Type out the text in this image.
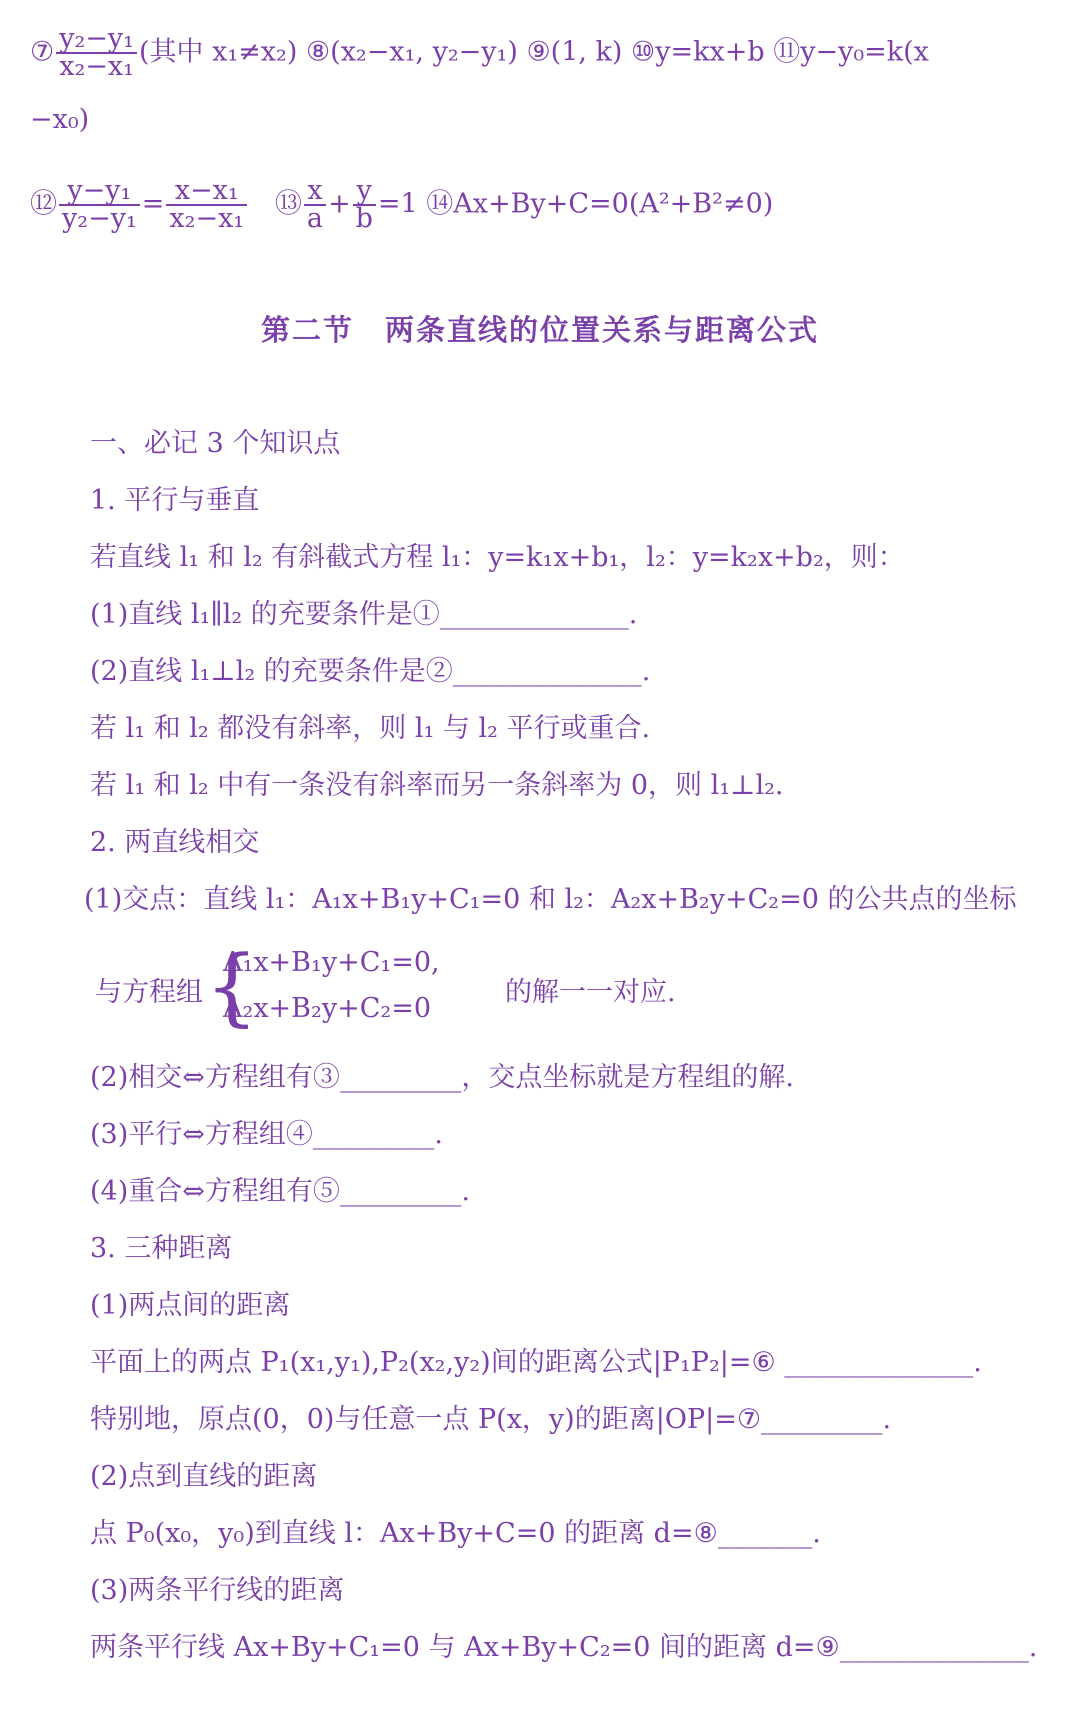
⑦ $\frac{\text{y₂−y₁}}{\text{x₂−x₁}}$ (其中 x₁≠x₂) ⑧(x₂−x₁, y₂−y₁) ⑨(1, k) ⑩y=kx+b ⑪y−y₀=k(x
−x₀)
⑫ $\frac{\text{y−y₁}}{\text{y₂−y₁}} = \frac{\text{x−x₁}}{\text{x₂−x₁}}$ ⑬ $\frac{x}{a} + \frac{y}{b} =1$ ⑭Ax+By+C=0(A²+B²≠0)
第二节　两条直线的位置关系与距离公式
一、必记 3 个知识点
1. 平行与垂直
若直线 l₁ 和 l₂ 有斜截式方程 l₁：y=k₁x+b₁，l₂：y=k₂x+b₂，则：
(1)直线 l₁∥l₂ 的充要条件是①______________.
(2)直线 l₁⊥l₂ 的充要条件是②______________.
若 l₁ 和 l₂ 都没有斜率，则 l₁ 与 l₂ 平行或重合.
若 l₁ 和 l₂ 中有一条没有斜率而另一条斜率为 0，则 l₁⊥l₂.
2. 两直线相交
(1)交点：直线 l₁：A₁x+B₁y+C₁=0 和 l₂：A₂x+B₂y+C₂=0 的公共点的坐标
与方程组 {
A₁x+B₁y+C₁=0,
A₂x+B₂y+C₂=0
的解一一对应.
(2)相交⇔方程组有③_________，交点坐标就是方程组的解.
(3)平行⇔方程组④_________.
(4)重合⇔方程组有⑤_________.
3. 三种距离
(1)两点间的距离
平面上的两点 P₁(x₁,y₁),P₂(x₂,y₂)间的距离公式|P₁P₂|=⑥ ______________.
特别地，原点(0，0)与任意一点 P(x，y)的距离|OP|=⑦_________.
(2)点到直线的距离
点 P₀(x₀，y₀)到直线 l：Ax+By+C=0 的距离 d=⑧_______.
(3)两条平行线的距离
两条平行线 Ax+By+C₁=0 与 Ax+By+C₂=0 间的距离 d=⑨______________.
